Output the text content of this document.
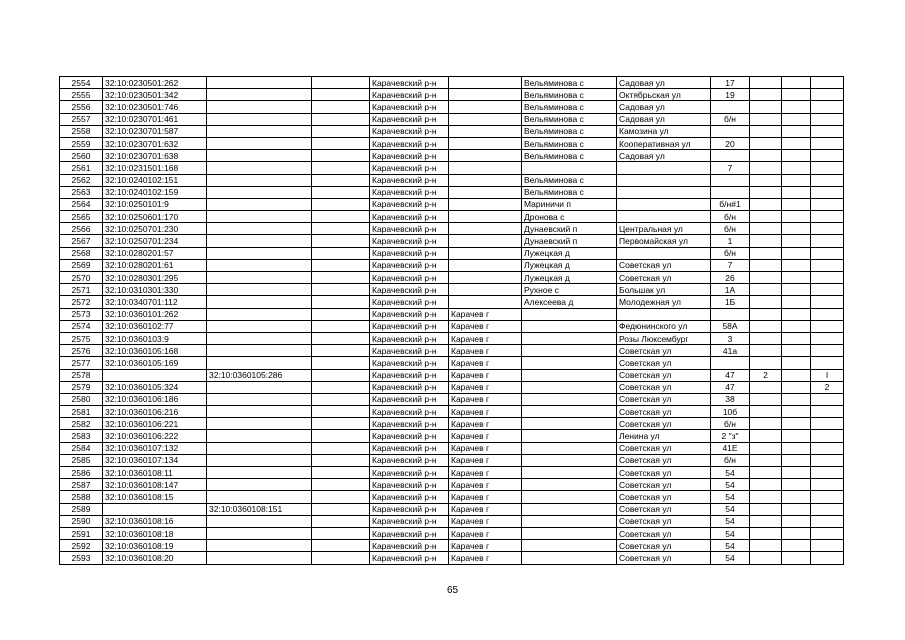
2554	32:10:0230501:262			Карачевский р-н		Вельяминова с	Садовая ул	17			
2555	32:10:0230501:342			Карачевский р-н		Вельяминова с	Октябрьская ул	19			
2556	32:10:0230501:746			Карачевский р-н		Вельяминова с	Садовая ул				
2557	32:10:0230701:461			Карачевский р-н		Вельяминова с	Садовая ул	б/н			
2558	32:10:0230701:587			Карачевский р-н		Вельяминова с	Камозина ул				
2559	32:10:0230701:632			Карачевский р-н		Вельяминова с	Кооперативная ул	20			
2560	32:10:0230701:638			Карачевский р-н		Вельяминова с	Садовая ул				
2561	32:10:0231501:168			Карачевский р-н				7			
2562	32:10:0240102:151			Карачевский р-н		Вельяминова с					
2563	32:10:0240102:159			Карачевский р-н		Вельяминова с					
2564	32:10:0250101:9			Карачевский р-н		Мариничи п		б/н#1			
2565	32:10:0250601:170			Карачевский р-н		Дронова с		б/н			
2566	32:10:0250701:230			Карачевский р-н		Дунаевский п	Центральная ул	б/н			
2567	32:10:0250701:234			Карачевский р-н		Дунаевский п	Первомайская ул	1			
2568	32:10:0280201:57			Карачевский р-н		Лужецкая д		б/н			
2569	32:10:0280201:61			Карачевский р-н		Лужецкая д	Советская ул	7			
2570	32:10:0280301:295			Карачевский р-н		Лужецкая д	Советская ул	26			
2571	32:10:0310301:330			Карачевский р-н		Рухное с	Большак ул	1А			
2572	32:10:0340701:112			Карачевский р-н		Алексеева д	Молодежная ул	1Б			
2573	32:10:0360101:262			Карачевский р-н	Карачев г						
2574	32:10:0360102:77			Карачевский р-н	Карачев г		Федюнинского ул	58А			
2575	32:10:0360103:9			Карачевский р-н	Карачев г		Розы Люксембург	3			
2576	32:10:0360105:168			Карачевский р-н	Карачев г		Советская ул	41а			
2577	32:10:0360105:169			Карачевский р-н	Карачев г		Советская ул				
2578		32:10:0360105:286		Карачевский р-н	Карачев г		Советская ул	47	2		I
2579	32:10:0360105:324			Карачевский р-н	Карачев г		Советская ул	47			2
2580	32:10:0360106:186			Карачевский р-н	Карачев г		Советская ул	38			
2581	32:10:0360106:216			Карачевский р-н	Карачев г		Советская ул	10б			
2582	32:10:0360106:221			Карачевский р-н	Карачев г		Советская ул	б/н			
2583	32:10:0360106:222			Карачевский р-н	Карачев г		Ленина ул	2 "з"			
2584	32:10:0360107:132			Карачевский р-н	Карачев г		Советская ул	41Е			
2585	32:10:0360107:134			Карачевский р-н	Карачев г		Советская ул	б/н			
2586	32:10:0360108:11			Карачевский р-н	Карачев г		Советская ул	54			
2587	32:10:0360108:147			Карачевский р-н	Карачев г		Советская ул	54			
2588	32:10:0360108:15			Карачевский р-н	Карачев г		Советская ул	54			
2589		32:10:0360108:151		Карачевский р-н	Карачев г		Советская ул	54			
2590	32:10:0360108:16			Карачевский р-н	Карачев г		Советская ул	54			
2591	32:10:0360108:18			Карачевский р-н	Карачев г		Советская ул	54			
2592	32:10:0360108:19			Карачевский р-н	Карачев г		Советская ул	54			
2593	32:10:0360108:20			Карачевский р-н	Карачев г		Советская ул	54			
65
